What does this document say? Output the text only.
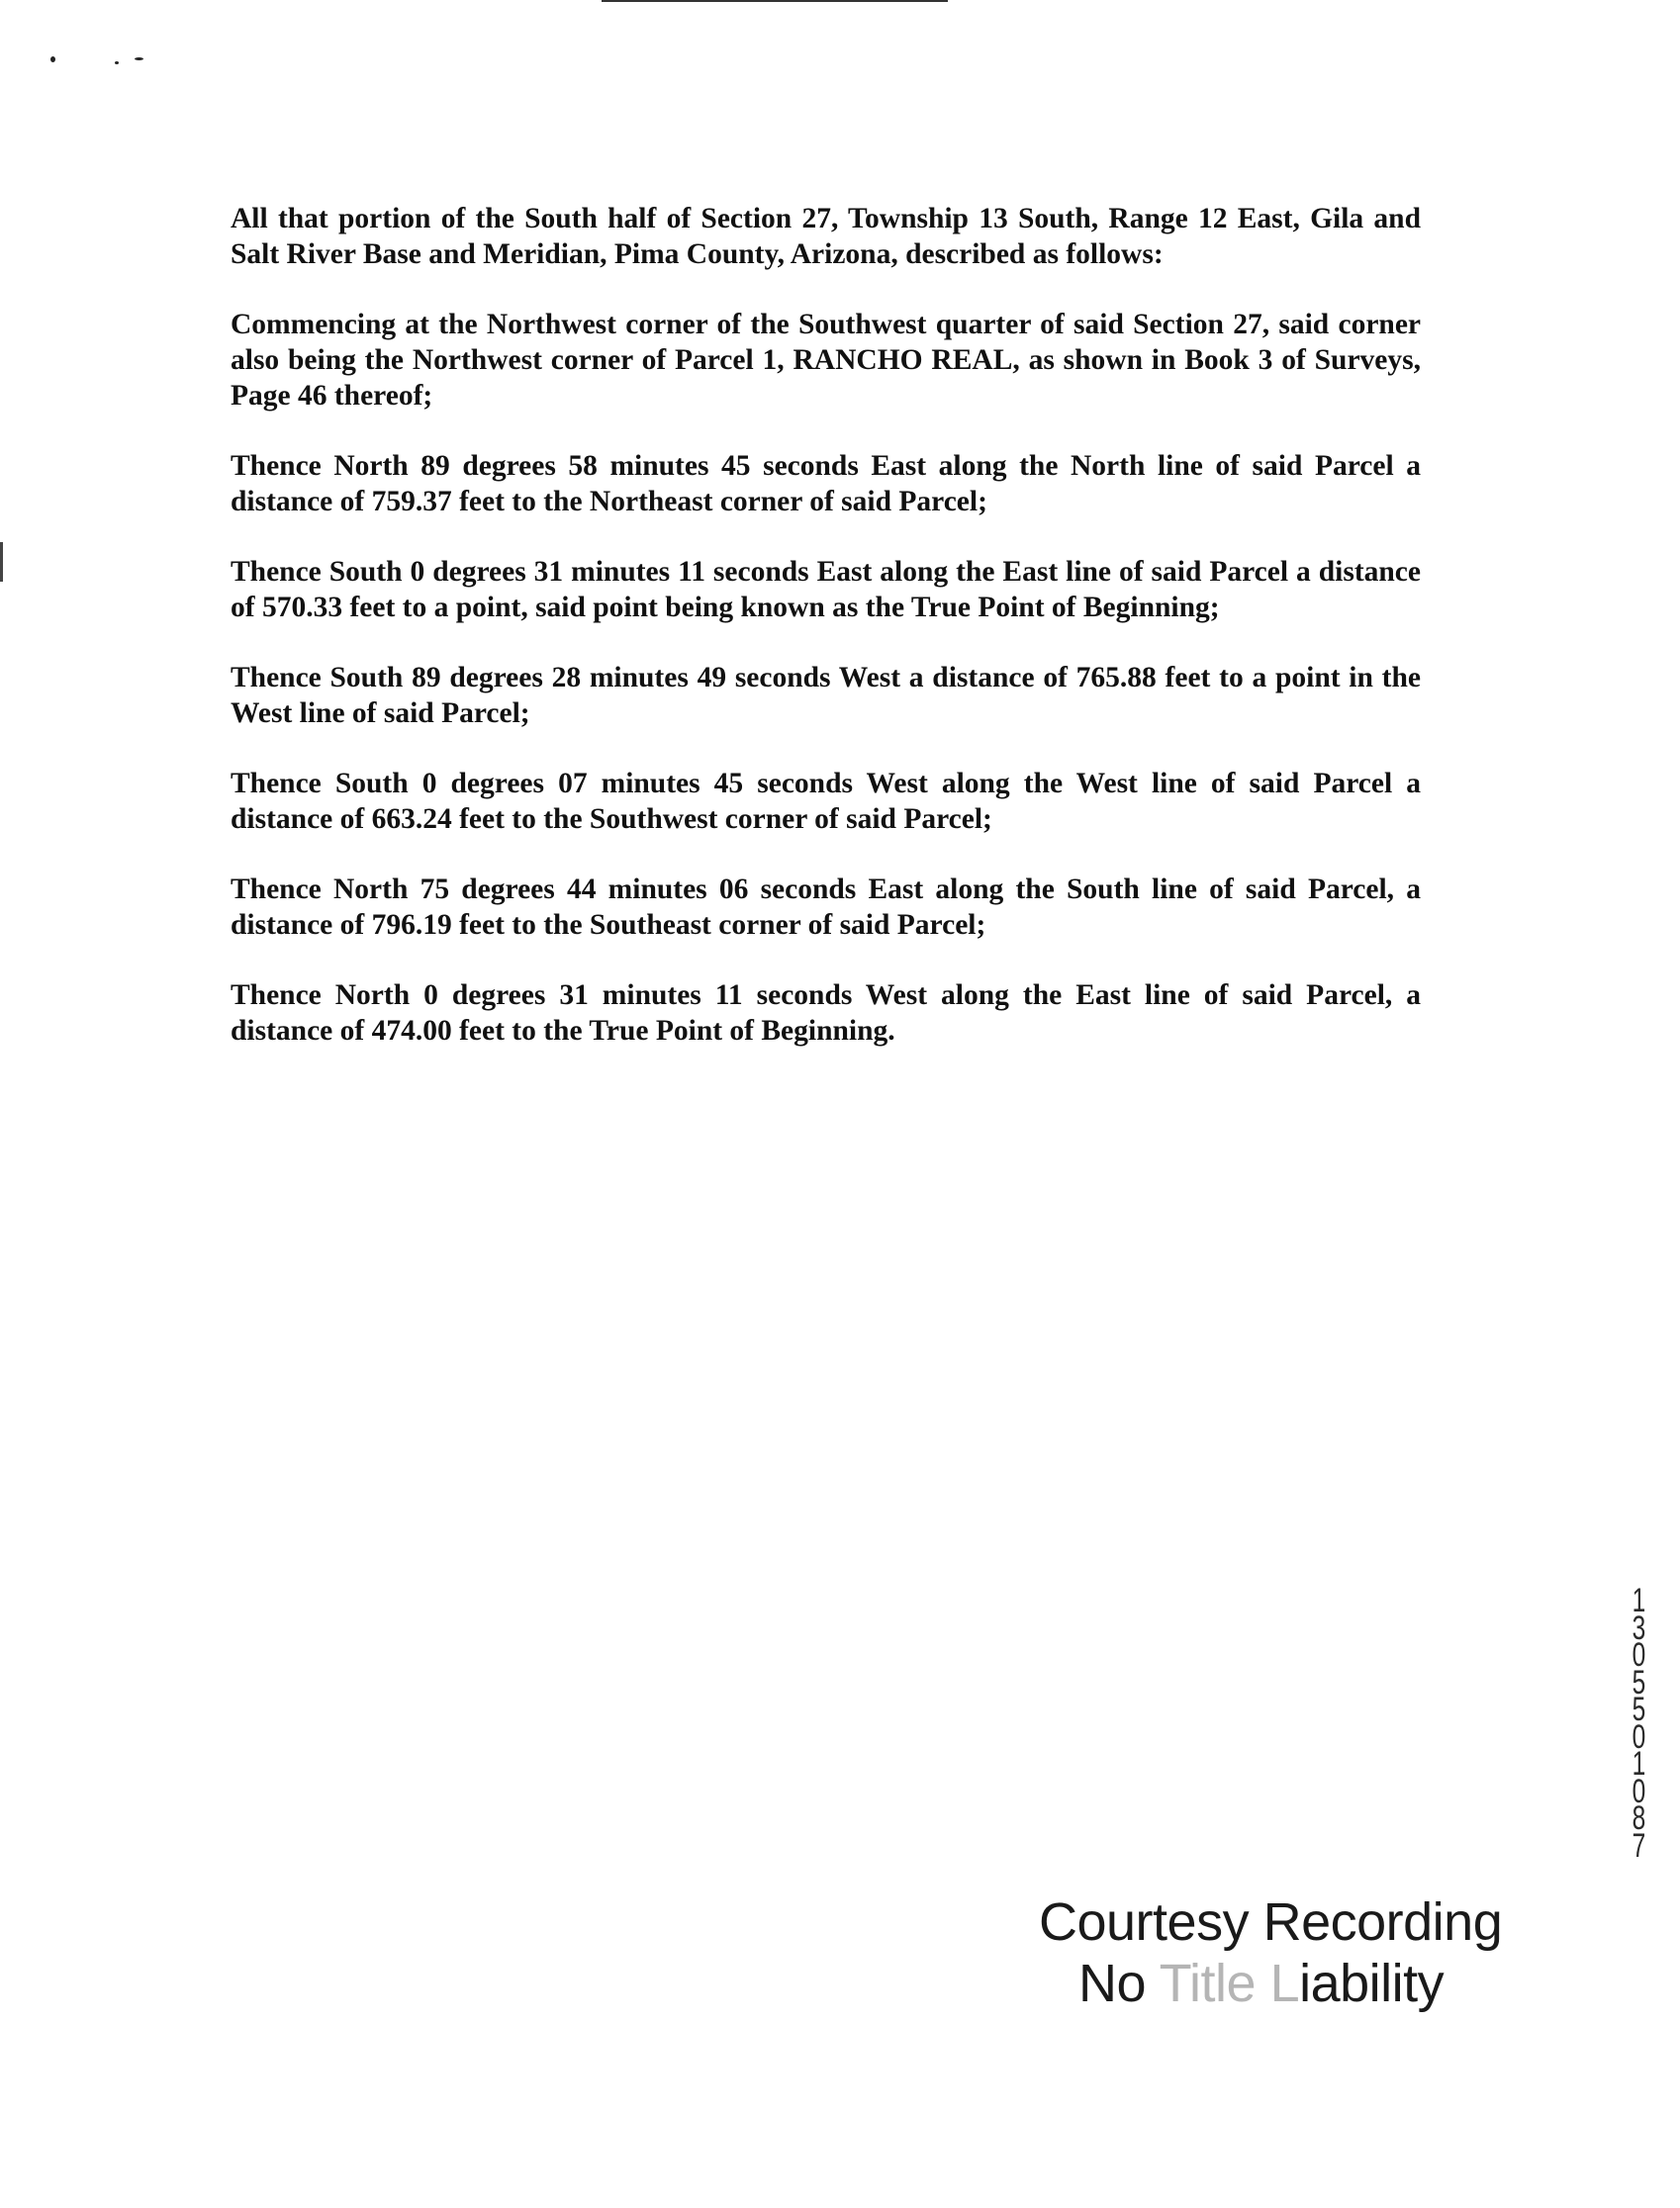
All that portion of the South half of Section 27, Township 13 South, Range 12 East, Gila and Salt River Base and Meridian, Pima County, Arizona, described as follows:

Commencing at the Northwest corner of the Southwest quarter of said Section 27, said corner also being the Northwest corner of Parcel 1, RANCHO REAL, as shown in Book 3 of Surveys, Page 46 thereof;

Thence North 89 degrees 58 minutes 45 seconds East along the North line of said Parcel a distance of 759.37 feet to the Northeast corner of said Parcel;

Thence South 0 degrees 31 minutes 11 seconds East along the East line of said Parcel a distance of 570.33 feet to a point, said point being known as the True Point of Beginning;

Thence South 89 degrees 28 minutes 49 seconds West a distance of 765.88 feet to a point in the West line of said Parcel;

Thence South 0 degrees 07 minutes 45 seconds West along the West line of said Parcel a distance of 663.24 feet to the Southwest corner of said Parcel;

Thence North 75 degrees 44 minutes 06 seconds East along the South line of said Parcel, a distance of 796.19 feet to the Southeast corner of said Parcel;

Thence North 0 degrees 31 minutes 11 seconds West along the East line of said Parcel, a distance of 474.00 feet to the True Point of Beginning.

1
3
0
5
5
0
1
0
8
7
Courtesy Recording
No Title Liability
